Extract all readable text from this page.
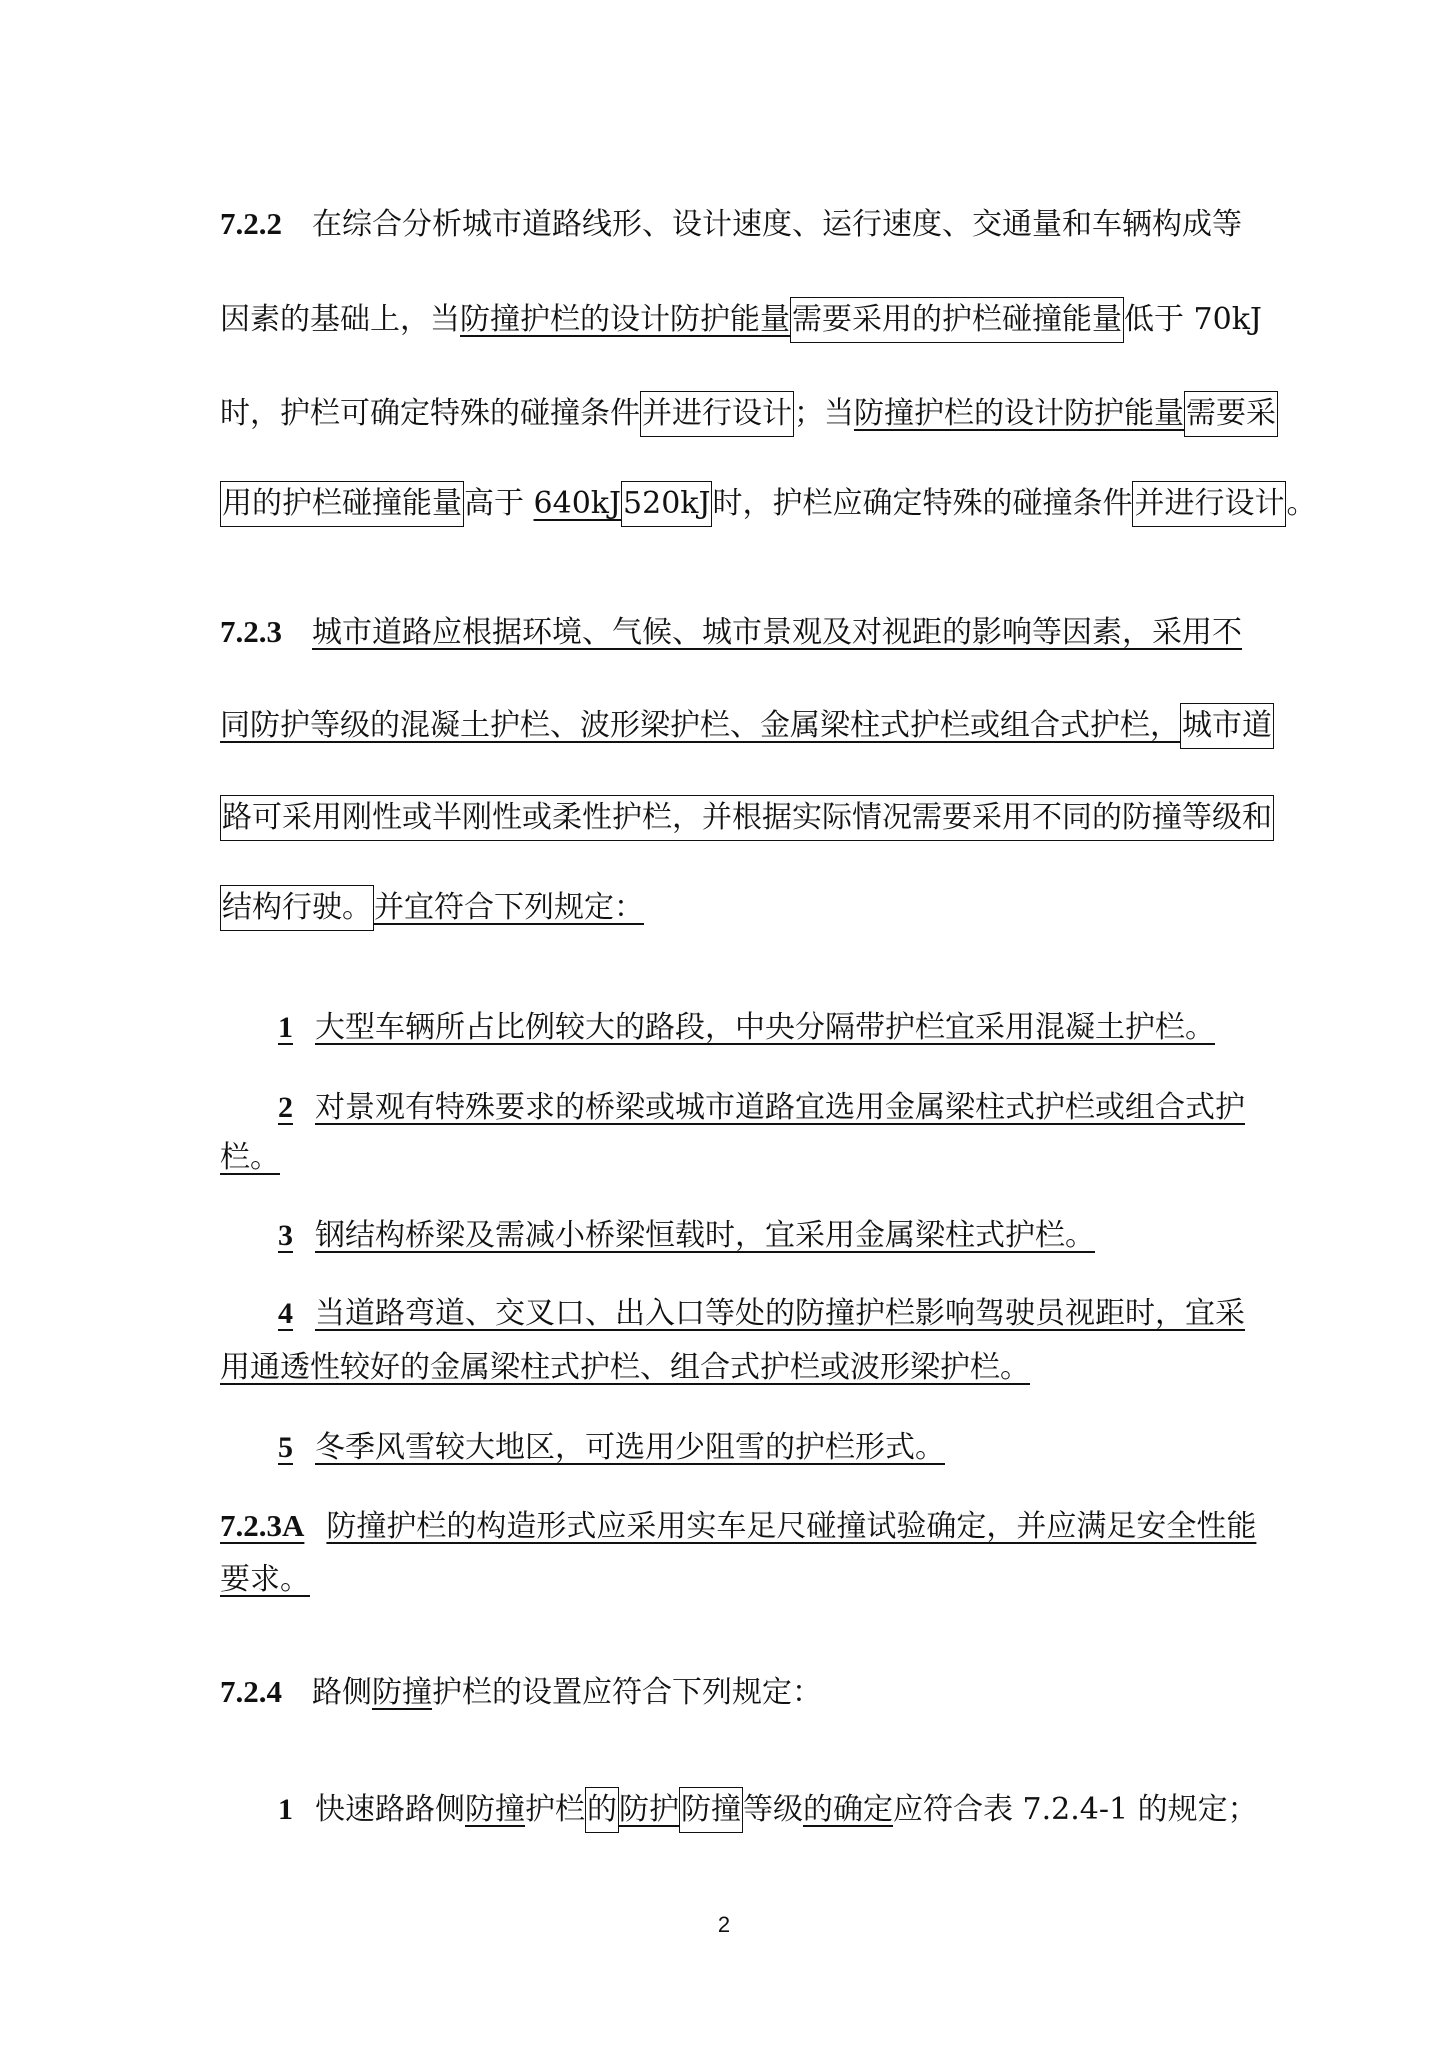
7.2.2 在综合分析城市道路线形、设计速度、运行速度、交通量和车辆构成等
因素的基础上，当防撞护栏的设计防护能量需要采用的护栏碰撞能量低于 70kJ
时，护栏可确定特殊的碰撞条件并进行设计；当防撞护栏的设计防护能量需要采
用的护栏碰撞能量高于 640kJ520kJ时，护栏应确定特殊的碰撞条件并进行设计。
7.2.3 城市道路应根据环境、气候、城市景观及对视距的影响等因素，采用不
同防护等级的混凝土护栏、波形梁护栏、金属梁柱式护栏或组合式护栏，城市道
路可采用刚性或半刚性或柔性护栏，并根据实际情况需要采用不同的防撞等级和
结构行驶。并宜符合下列规定：
1 大型车辆所占比例较大的路段，中央分隔带护栏宜采用混凝土护栏。
2 对景观有特殊要求的桥梁或城市道路宜选用金属梁柱式护栏或组合式护
栏。
3 钢结构桥梁及需减小桥梁恒载时，宜采用金属梁柱式护栏。
4 当道路弯道、交叉口、出入口等处的防撞护栏影响驾驶员视距时，宜采
用通透性较好的金属梁柱式护栏、组合式护栏或波形梁护栏。
5 冬季风雪较大地区，可选用少阻雪的护栏形式。
7.2.3A 防撞护栏的构造形式应采用实车足尺碰撞试验确定，并应满足安全性能
要求。
7.2.4 路侧防撞护栏的设置应符合下列规定：
1 快速路路侧防撞护栏的防护防撞等级的确定应符合表 7.2.4-1 的规定；
2
